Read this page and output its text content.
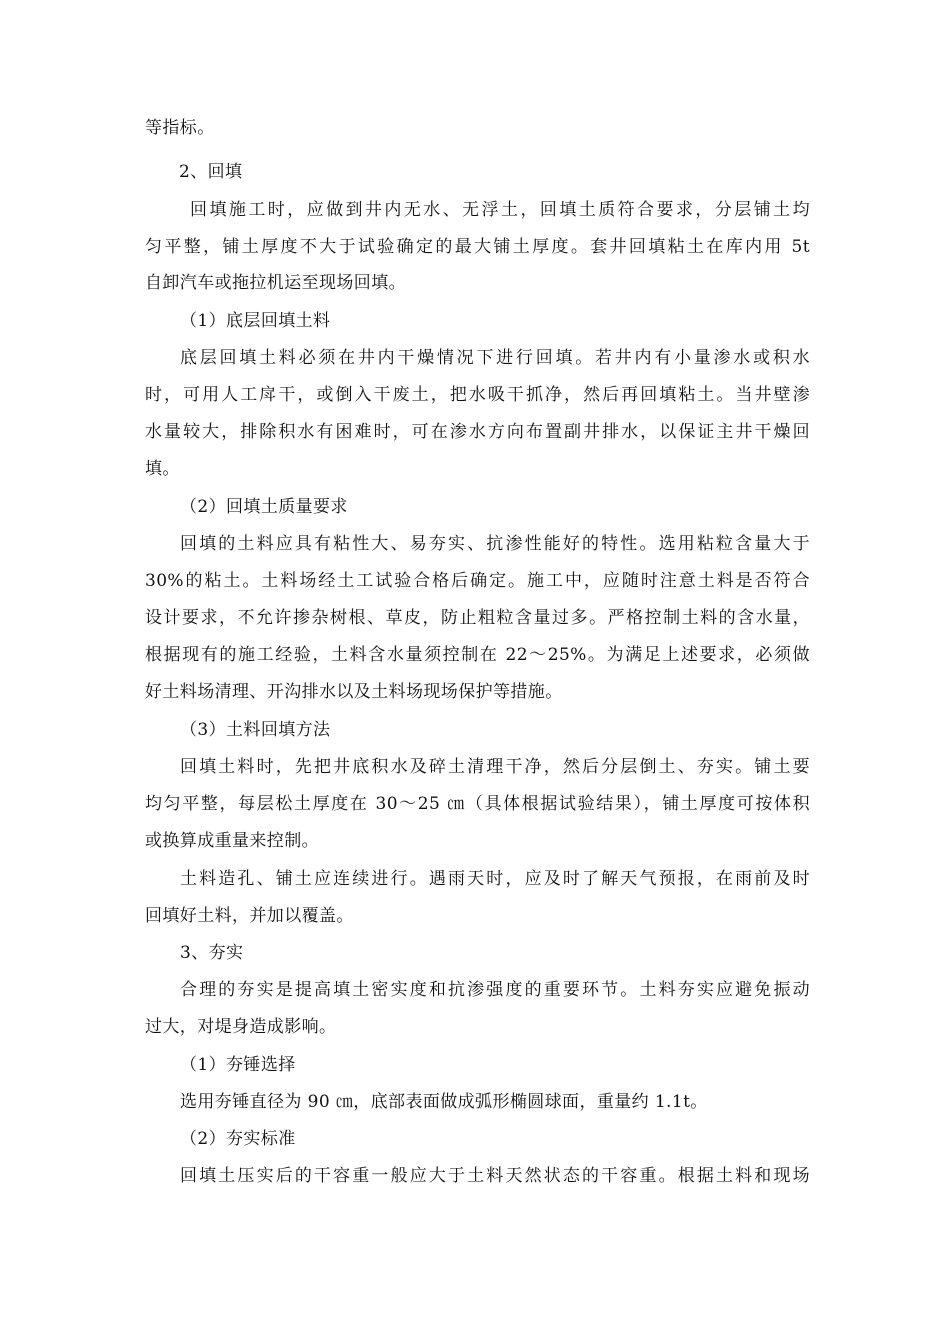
等指标。
2、回填
回填施工时，应做到井内无水、无浮土，回填土质符合要求，分层铺土均
匀平整，铺土厚度不大于试验确定的最大铺土厚度。套井回填粘土在库内用 5t
自卸汽车或拖拉机运至现场回填。
（1）底层回填土料
底层回填土料必须在井内干燥情况下进行回填。若井内有小量渗水或积水
时，可用人工戽干，或倒入干废土，把水吸干抓净，然后再回填粘土。当井壁渗
水量较大，排除积水有困难时，可在渗水方向布置副井排水，以保证主井干燥回
填。
（2）回填土质量要求
回填的土料应具有粘性大、易夯实、抗渗性能好的特性。选用粘粒含量大于
30%的粘土。土料场经土工试验合格后确定。施工中，应随时注意土料是否符合
设计要求，不允许掺杂树根、草皮，防止粗粒含量过多。严格控制土料的含水量，
根据现有的施工经验，土料含水量须控制在 22～25%。为满足上述要求，必须做
好土料场清理、开沟排水以及土料场现场保护等措施。
（3）土料回填方法
回填土料时，先把井底积水及碎土清理干净，然后分层倒土、夯实。铺土要
均匀平整，每层松土厚度在 30～25 ㎝（具体根据试验结果），铺土厚度可按体积
或换算成重量来控制。
土料造孔、铺土应连续进行。遇雨天时，应及时了解天气预报，在雨前及时
回填好土料，并加以覆盖。
3、夯实
合理的夯实是提高填土密实度和抗渗强度的重要环节。土料夯实应避免振动
过大，对堤身造成影响。
（1）夯锤选择
选用夯锤直径为 90 ㎝，底部表面做成弧形椭圆球面，重量约 1.1t。
（2）夯实标准
回填土压实后的干容重一般应大于土料天然状态的干容重。根据土料和现场
